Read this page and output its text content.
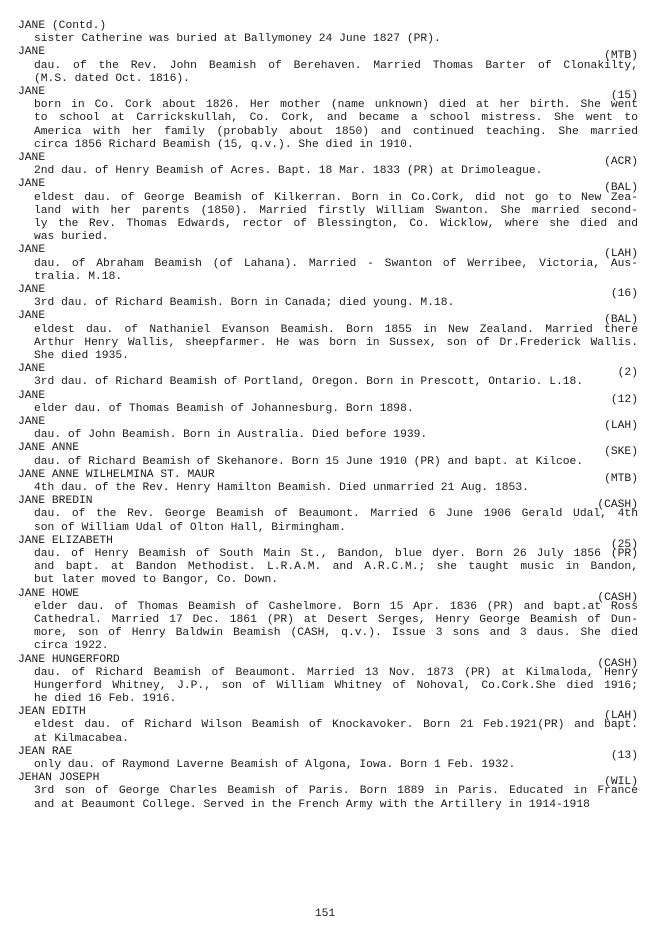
JANE (Contd.)
sister Catherine was buried at Ballymoney 24 June 1827 (PR).
JANE	(MTB)
dau. of the Rev. John Beamish of Berehaven. Married Thomas Barter of Clonakilty,
(M.S. dated Oct. 1816).
JANE	(15)
born in Co. Cork about 1826. Her mother (name unknown) died at her birth. She went
to school at Carrickskullah, Co. Cork, and became a school mistress. She went to
America with her family (probably about 1850) and continued teaching. She married
circa 1856 Richard Beamish (15, q.v.). She died in 1910.
JANE	(ACR)
2nd dau. of Henry Beamish of Acres. Bapt. 18 Mar. 1833 (PR) at Drimoleague.
JANE	(BAL)
eldest dau. of George Beamish of Kilkerran. Born in Co.Cork, did not go to New Zea-
land with her parents (1850). Married firstly William Swanton. She married second-
ly the Rev. Thomas Edwards, rector of Blessington, Co. Wicklow, where she died and
was buried.
JANE	(LAH)
dau. of Abraham Beamish (of Lahana). Married - Swanton of Werribee, Victoria, Aus-
tralia. M.18.
JANE	(16)
3rd dau. of Richard Beamish. Born in Canada; died young. M.18.
JANE	(BAL)
eldest dau. of Nathaniel Evanson Beamish. Born 1855 in New Zealand. Married there
Arthur Henry Wallis, sheepfarmer. He was born in Sussex, son of Dr.Frederick Wallis.
She died 1935.
JANE	(2)
3rd dau. of Richard Beamish of Portland, Oregon. Born in Prescott, Ontario. L.18.
JANE	(12)
elder dau. of Thomas Beamish of Johannesburg. Born 1898.
JANE	(LAH)
dau. of John Beamish. Born in Australia. Died before 1939.
JANE ANNE	(SKE)
dau. of Richard Beamish of Skehanore. Born 15 June 1910 (PR) and bapt. at Kilcoe.
JANE ANNE WILHELMINA ST. MAUR	(MTB)
4th dau. of the Rev. Henry Hamilton Beamish. Died unmarried 21 Aug. 1853.
JANE BREDIN	(CASH)
dau. of the Rev. George Beamish of Beaumont. Married 6 June 1906 Gerald Udal, 4th
son of William Udal of Olton Hall, Birmingham.
JANE ELIZABETH	(25)
dau. of Henry Beamish of South Main St., Bandon, blue dyer. Born 26 July 1856 (PR)
and bapt. at Bandon Methodist. L.R.A.M. and A.R.C.M.; she taught music in Bandon,
but later moved to Bangor, Co. Down.
JANE HOWE	(CASH)
elder dau. of Thomas Beamish of Cashelmore. Born 15 Apr. 1836 (PR) and bapt.at Ross
Cathedral. Married 17 Dec. 1861 (PR) at Desert Serges, Henry George Beamish of Dun-
more, son of Henry Baldwin Beamish (CASH, q.v.). Issue 3 sons and 3 daus. She died
circa 1922.
JANE HUNGERFORD	(CASH)
dau. of Richard Beamish of Beaumont. Married 13 Nov. 1873 (PR) at Kilmaloda, Henry
Hungerford Whitney, J.P., son of William Whitney of Nohoval, Co.Cork.She died 1916;
he died 16 Feb. 1916.
JEAN EDITH	(LAH)
eldest dau. of Richard Wilson Beamish of Knockavoker. Born 21 Feb.1921(PR) and bapt.
at Kilmacabea.
JEAN RAE	(13)
only dau. of Raymond Laverne Beamish of Algona, Iowa. Born 1 Feb. 1932.
JEHAN JOSEPH	(WIL)
3rd son of George Charles Beamish of Paris. Born 1889 in Paris. Educated in France
and at Beaumont College. Served in the French Army with the Artillery in 1914-1918
151
